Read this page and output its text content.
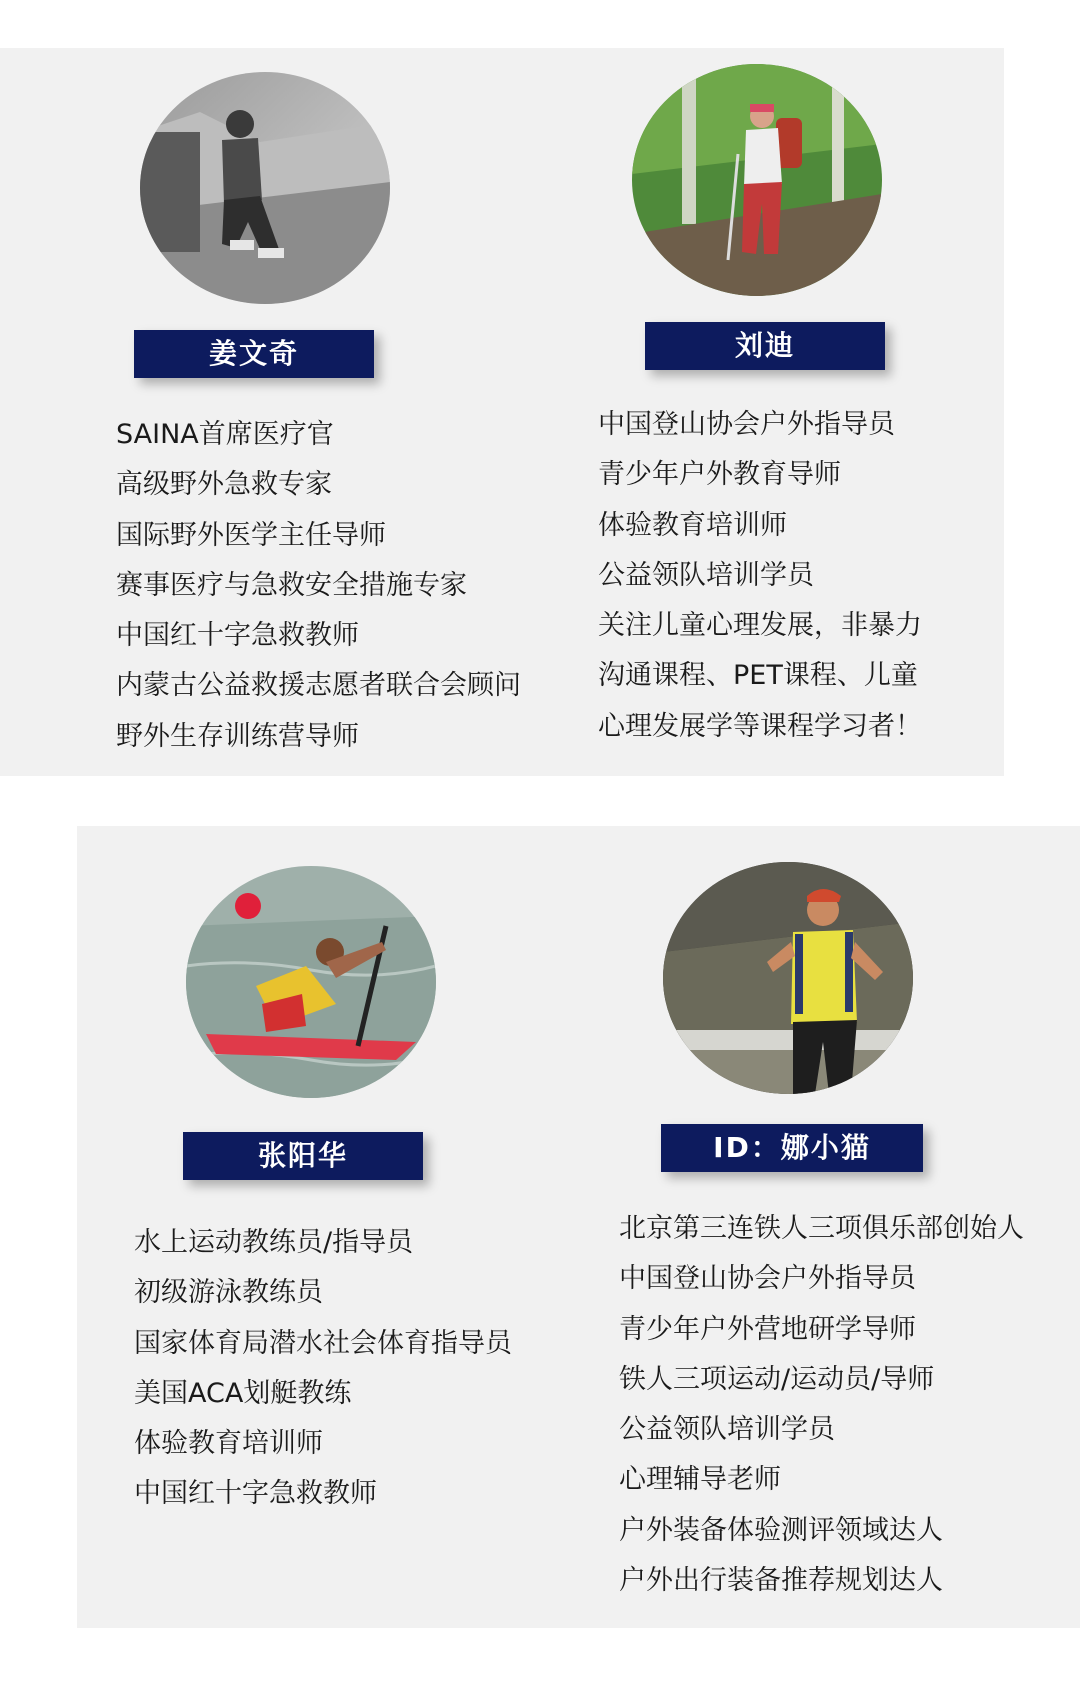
姜文奇
SAINA首席医疗官
高级野外急救专家
国际野外医学主任导师
赛事医疗与急救安全措施专家
中国红十字急救教师
内蒙古公益救援志愿者联合会顾问
野外生存训练营导师
刘迪
中国登山协会户外指导员
青少年户外教育导师
体验教育培训师
公益领队培训学员
关注儿童心理发展，非暴力
沟通课程、PET课程、儿童
心理发展学等课程学习者！
张阳华
水上运动教练员/指导员
初级游泳教练员
国家体育局潜水社会体育指导员
美国ACA划艇教练
体验教育培训师
中国红十字急救教师
ID：娜小猫
北京第三连铁人三项俱乐部创始人
中国登山协会户外指导员
青少年户外营地研学导师
铁人三项运动/运动员/导师
公益领队培训学员
心理辅导老师
户外装备体验测评领域达人
户外出行装备推荐规划达人
